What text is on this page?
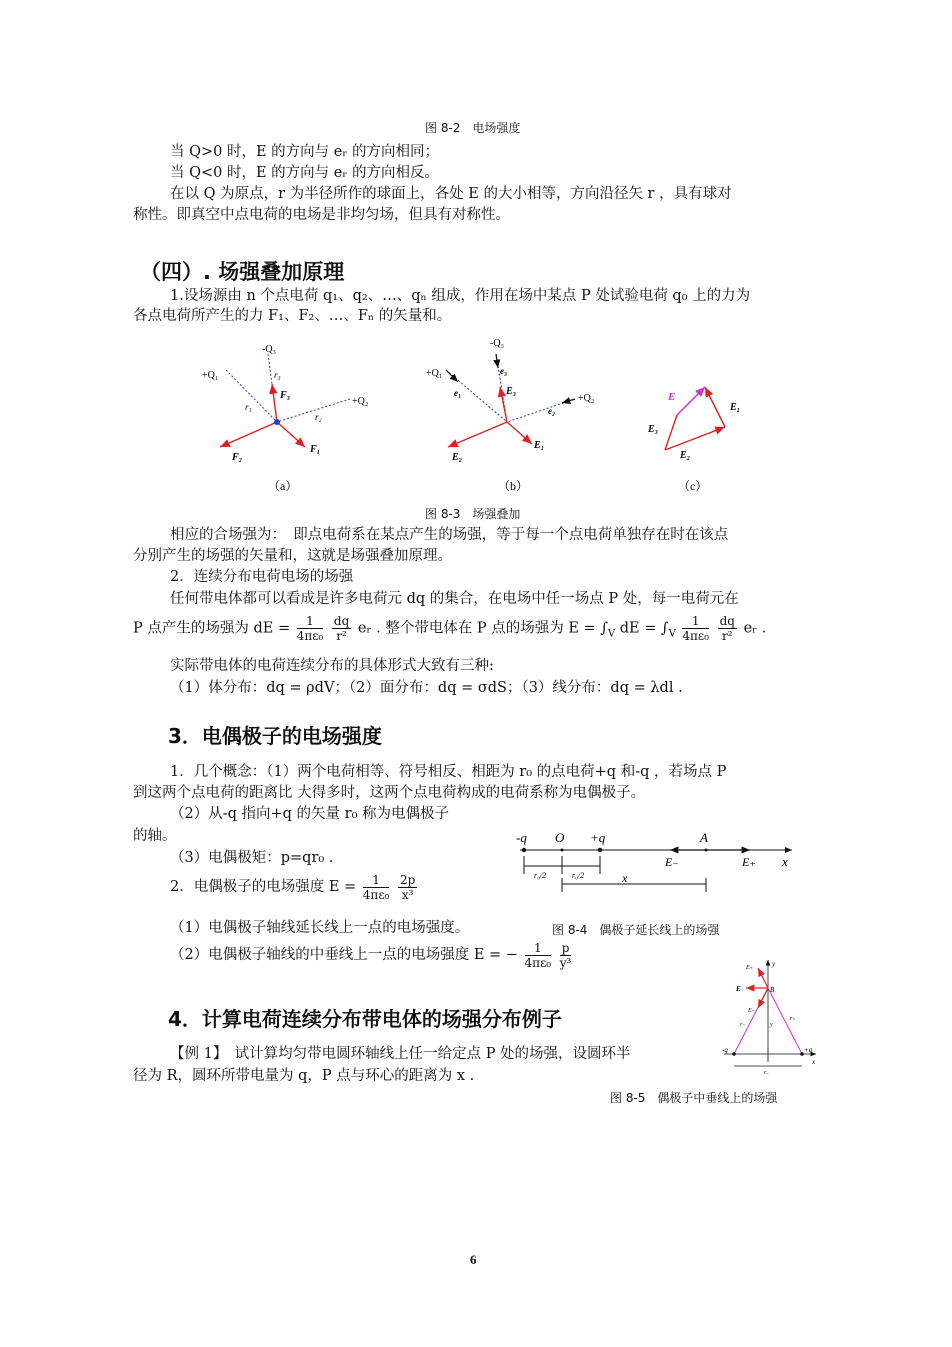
图 8-2　电场强度
当 Q>0 时，E 的方向与 eᵣ 的方向相同；
当 Q<0 时，E 的方向与 eᵣ 的方向相反。
在以 Q 为原点，r 为半径所作的球面上，各处 E 的大小相等，方向沿径矢 r ，具有球对
称性。即真空中点电荷的电场是非均匀场，但具有对称性。
（四）. 场强叠加原理
1.设场源由 n 个点电荷 q₁、q₂、…、qₙ 组成，作用在场中某点 P 处试验电荷 q₀ 上的力为
各点电荷所产生的力 F₁、F₂、…、Fₙ 的矢量和。
-Q₃
+Q₁
+Q₂
r₁
r₂
r₃
F₃
F₁
F₂
（a）
-Q₃
+Q₁
+Q₂
e₁
e₂
e₃
E₃
E₁
E₂
（b）
E
E₁
E₂
E₃
（c）
图 8-3　场强叠加
相应的合场强为：　即点电荷系在某点产生的场强，等于每一个点电荷单独存在时在该点
分别产生的场强的矢量和，这就是场强叠加原理。
2．连续分布电荷电场的场强
任何带电体都可以看成是许多电荷元 dq 的集合，在电场中任一场点 P 处，每一电荷元在
P 点产生的场强为 dE = $\frac{1}{\text{4πε₀}}$
$\frac{dq}{\text{r²}}$ eᵣ . 整个带电体在 P 点的场强为 $E = \int_V$ dE = $\int_V \frac{1}{\text{4πε₀}}$
$\frac{dq}{\text{r²}}$ eᵣ .
实际带电体的电荷连续分布的具体形式大致有三种:
（1）体分布：dq = ρdV；（2）面分布：dq = σdS；（3）线分布：dq = λdl .
3．电偶极子的电场强度
1．几个概念：（1）两个电荷相等、符号相反、相距为 r₀ 的点电荷+q 和-q ，若场点 P
到这两个点电荷的距离比 大得多时，这两个点电荷构成的电荷系称为电偶极子。
（2）从-q 指向+q 的矢量 r₀ 称为电偶极子
的轴。
（3）电偶极矩：p=qr₀ .
2．电偶极子的电场强度 $E = \frac{1}{\text{4πε₀}}$
$\frac{2p}{\text{x³}}$
（1）电偶极子轴线延长线上一点的电场强度。
（2）电偶极子轴线的中垂线上一点的电场强度 E = − $\frac{1}{\text{4πε₀}}$
$\frac{p}{\text{y³}}$
-q O +q	A
E₋	E₊ x
r₀/2	r₀/2	x
图 8-4　偶极子延长线上的场强
y
x
B
-q	+q
E
E₊
E₋
r₋
r₊
y
r₀
4．计算电荷连续分布带电体的场强分布例子
【例 1】　试计算均匀带电圆环轴线上任一给定点 P 处的场强，设圆环半
径为 R，圆环所带电量为 q，P 点与环心的距离为 x .
图 8-5　偶极子中垂线上的场强
6
